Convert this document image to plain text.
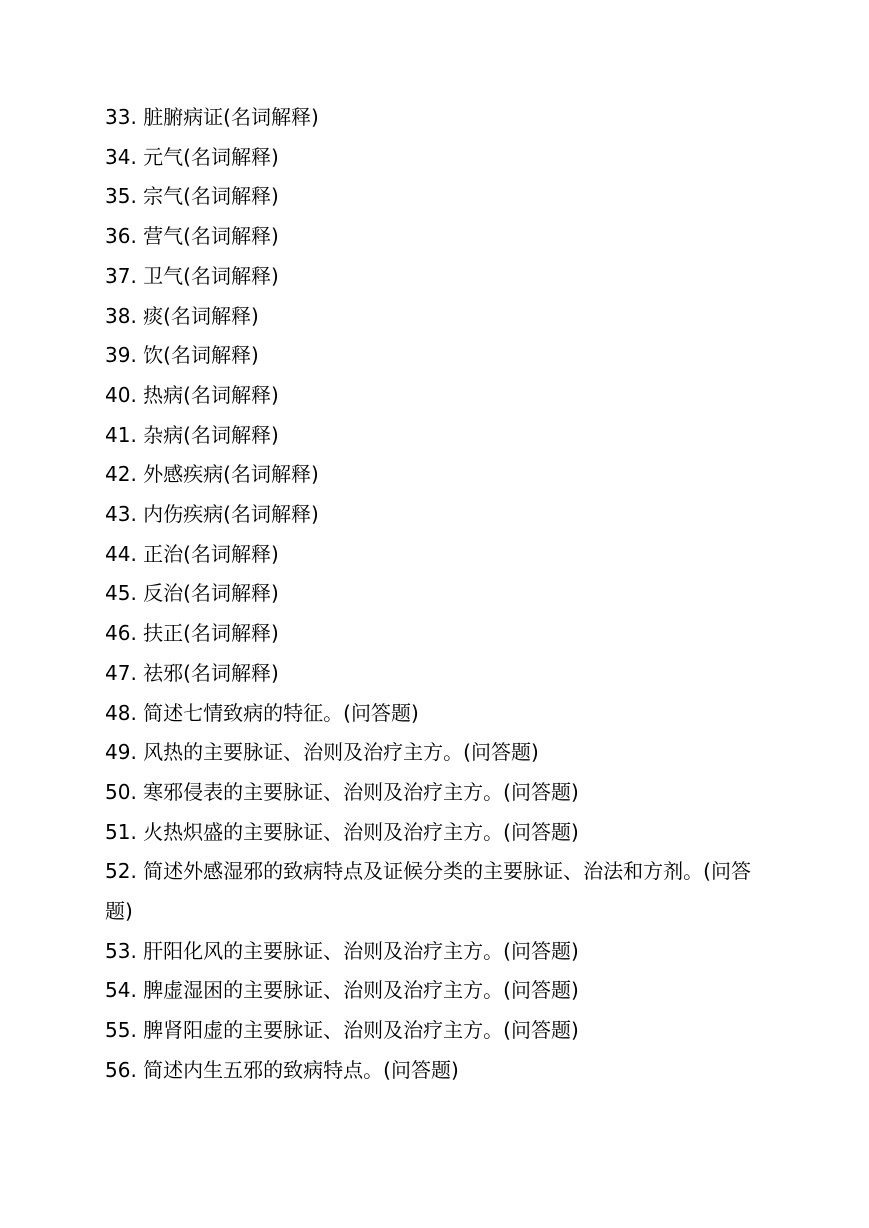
33. 脏腑病证(名词解释)
34. 元气(名词解释)
35. 宗气(名词解释)
36. 营气(名词解释)
37. 卫气(名词解释)
38. 痰(名词解释)
39. 饮(名词解释)
40. 热病(名词解释)
41. 杂病(名词解释)
42. 外感疾病(名词解释)
43. 内伤疾病(名词解释)
44. 正治(名词解释)
45. 反治(名词解释)
46. 扶正(名词解释)
47. 祛邪(名词解释)
48. 简述七情致病的特征。(问答题)
49. 风热的主要脉证、治则及治疗主方。(问答题)
50. 寒邪侵表的主要脉证、治则及治疗主方。(问答题)
51. 火热炽盛的主要脉证、治则及治疗主方。(问答题)
52. 简述外感湿邪的致病特点及证候分类的主要脉证、治法和方剂。(问答题)
53. 肝阳化风的主要脉证、治则及治疗主方。(问答题)
54. 脾虚湿困的主要脉证、治则及治疗主方。(问答题)
55. 脾肾阳虚的主要脉证、治则及治疗主方。(问答题)
56. 简述内生五邪的致病特点。(问答题)
